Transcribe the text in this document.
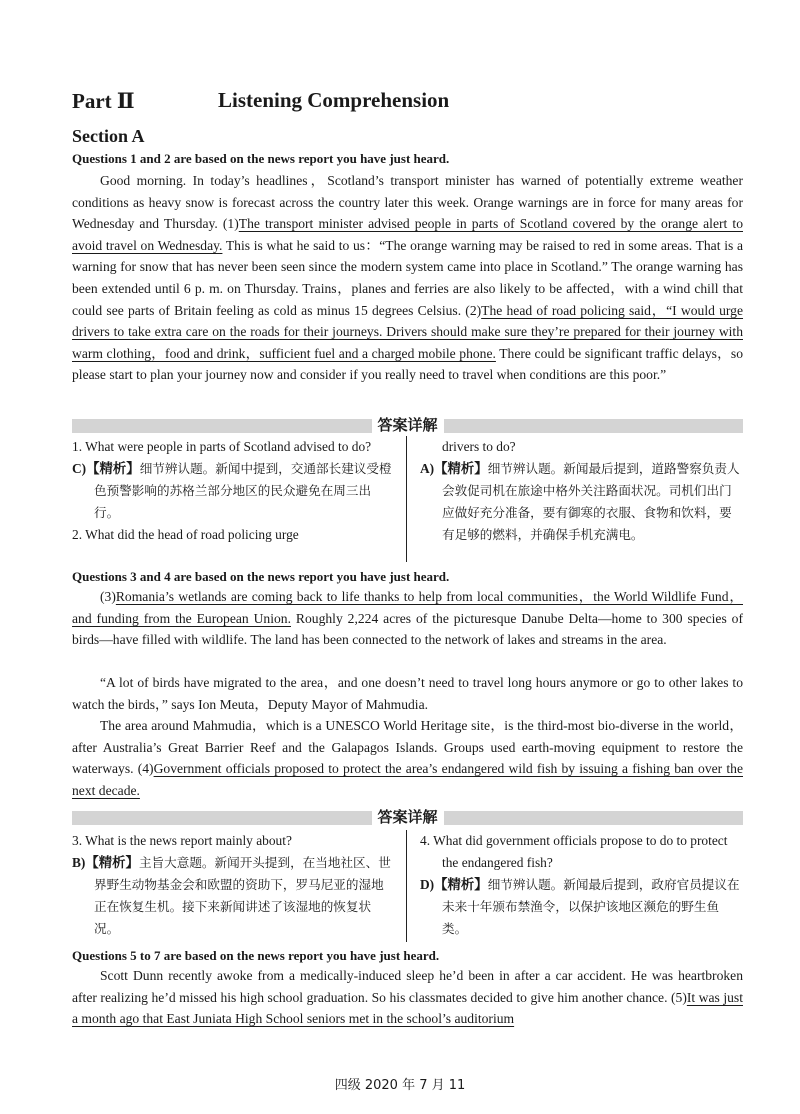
Part Ⅱ	Listening Comprehension
Section A
Questions 1 and 2 are based on the news report you have just heard.

Good morning. In today’s headlines，Scotland’s transport minister has warned of potentially extreme weather conditions as heavy snow is forecast across the country later this week. Orange warnings are in force for many areas for Wednesday and Thursday. (1)The transport minister advised people in parts of Scotland covered by the orange alert to avoid travel on Wednesday. This is what he said to us：“The orange warning may be raised to red in some areas. That is a warning for snow that has never been seen since the modern system came into place in Scotland.” The orange warning has been extended until 6 p. m. on Thursday. Trains，planes and ferries are also likely to be affected，with a wind chill that could see parts of Britain feeling as cold as minus 15 degrees Celsius. (2)The head of road policing said，“I would urge drivers to take extra care on the roads for their journeys. Drivers should make sure they’re prepared for their journey with warm clothing，food and drink，sufficient fuel and a charged mobile phone. There could be significant traffic delays，so please start to plan your journey now and consider if you really need to travel when conditions are this poor.”

答案详解

1. What were people in parts of Scotland advised to do?

C)【精析】细节辨认题。新闻中提到，交通部长建议受橙色预警影响的苏格兰部分地区的民众避免在周三出行。

2. What did the head of road policing urge

drivers to do?

A)【精析】细节辨认题。新闻最后提到，道路警察负责人会敦促司机在旅途中格外关注路面状况。司机们出门应做好充分准备，要有御寒的衣服、食物和饮料，要有足够的燃料，并确保手机充满电。

Questions 3 and 4 are based on the news report you have just heard.

(3)Romania’s wetlands are coming back to life thanks to help from local communities，the World Wildlife Fund，and funding from the European Union. Roughly 2,224 acres of the picturesque Danube Delta—home to 300 species of birds—have filled with wildlife. The land has been connected to the network of lakes and streams in the area.

“A lot of birds have migrated to the area，and one doesn’t need to travel long hours anymore or go to other lakes to watch the birds，” says Ion Meuta，Deputy Mayor of Mahmudia.

The area around Mahmudia，which is a UNESCO World Heritage site，is the third-most bio-diverse in the world，after Australia’s Great Barrier Reef and the Galapagos Islands. Groups used earth-moving equipment to restore the waterways. (4)Government officials proposed to protect the area’s endangered wild fish by issuing a fishing ban over the next decade.

答案详解

3. What is the news report mainly about?

B)【精析】主旨大意题。新闻开头提到，在当地社区、世界野生动物基金会和欧盟的资助下，罗马尼亚的湿地正在恢复生机。接下来新闻讲述了该湿地的恢复状况。

4. What did government officials propose to do to protect the endangered fish?

D)【精析】细节辨认题。新闻最后提到，政府官员提议在未来十年颁布禁渔令，以保护该地区濒危的野生鱼类。

Questions 5 to 7 are based on the news report you have just heard.

Scott Dunn recently awoke from a medically-induced sleep he’d been in after a car accident. He was heartbroken after realizing he’d missed his high school graduation. So his classmates decided to give him another chance. (5)It was just a month ago that East Juniata High School seniors met in the school’s auditorium

四级 2020 年 7 月 11
